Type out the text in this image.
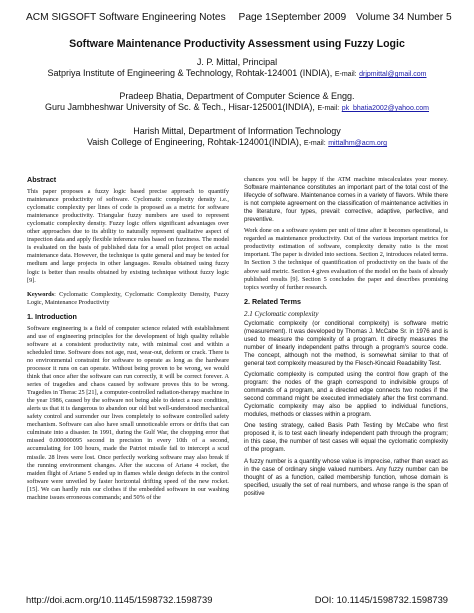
ACM SIGSOFT Software Engineering Notes Page 1 September 2009 Volume 34 Number 5
Software Maintenance Productivity Assessment using Fuzzy Logic
J. P. Mittal, Principal
Satpriya Institute of Engineering & Technology, Rohtak-124001 (INDIA), E-mail: drjpmittal@gmail.com
Pradeep Bhatia, Department of Computer Science & Engg.
Guru Jambheshwar University of Sc. & Tech., Hisar-125001(INDIA), E-mail: pk_bhatia2002@yahoo.com
Harish Mittal, Department of Information Technology
Vaish College of Engineering, Rohtak-124001(INDIA), E-mail: mittalhm@acm.org
Abstract

This paper proposes a fuzzy logic based precise approach to quantify maintenance productivity of software. Cyclomatic complexity density i.e., cyclomatic complexity per lines of code is proposed as a metric for software maintenance productivity. Triangular fuzzy numbers are used to represent cyclomatic complexity density. Fuzzy logic offers significant advantages over other approaches due to its ability to naturally represent qualitative aspect of inspection data and apply flexible inference rules based on fuzziness. The model is evaluated on the basis of published data for a small pilot project on actual maintenance data. However, the technique is quite general and may be tested for medium and large projects in other languages. Results obtained using fuzzy logic is better than results obtained by existing technique without fuzzy logic [9].

Keywords: Cyclomatic Complexity, Cyclomatic Complexity Density, Fuzzy Logic, Maintenance Productivity

1. Introduction

Software engineering is a field of computer science related with establishment and use of engineering principles for the development of high quality reliable software at a consistent productivity rate, with minimal cost and within a scheduled time. Software does not age, rust, wear-out, deform or crack. There is no environmental constraint for software to operate as long as the hardware processor it runs on can operate. Without being proven to be wrong, we would think that once after the software can run correctly, it will be correct forever. A series of tragedies and chaos caused by software proves this to be wrong. Tragedies in Therac 25 [21], a computer-controlled radiation-therapy machine in the year 1986, caused by the software not being able to detect a race condition, alerts us that it is dangerous to abandon our old but well-understood mechanical safety control and surrender our lives completely to software controlled safety mechanism. Software can also have small unnoticeable errors or drifts that can culminate into a disaster. In 1991, during the Gulf War, the chopping error that missed 0.000000095 second in precision in every 10th of a second, accumulating for 100 hours, made the Patriot missile fail to intercept a scud missile. 28 lives were lost. Once perfectly working software may also break if the running environment changes. After the success of Ariane 4 rocket, the maiden flight of Ariane 5 ended up in flames while design defects in the control software were unveiled by faster horizontal drifting speed of the new rocket. [15]. We can hardly ruin our clothes if the embedded software in our washing machine issues erroneous commands; and 50% of the

chances you will be happy if the ATM machine miscalculates your money. Software maintenance constitutes an important part of the total cost of the lifecycle of software. Maintenance comes in a variety of flavors. While there is not complete agreement on the classification of maintenance activities in the literature, four types, prevail: corrective, adaptive, perfective, and preventive.

Work done on a software system per unit of time after it becomes operational, is regarded as maintenance productivity. Out of the various important metrics for productivity estimation of software, complexity density ratio is the most important. The paper is divided into sections. Section 2, introduces related terms. In Section 3 the technique of quantification of productivity on the basis of the above said metric. Section 4 gives evaluation of the model on the basis of already published results [9]. Section 5 concludes the paper and describes promising topics worthy of further research.

2. Related Terms
2.1 Cyclomatic complexity

Cyclomatic complexity (or conditional complexity) is software metric (measurement). It was developed by Thomas J. McCabe Sr. in 1976 and is used to measure the complexity of a program. It directly measures the number of linearly independent paths through a program's source code. The concept, although not the method, is somewhat similar to that of general text complexity measured by the Flesch-Kincaid Readability Test.

Cyclomatic complexity is computed using the control flow graph of the program: the nodes of the graph correspond to indivisible groups of commands of a program, and a directed edge connects two nodes if the second command might be executed immediately after the first command. Cyclomatic complexity may also be applied to individual functions, modules, methods or classes within a program.

One testing strategy, called Basis Path Testing by McCabe who first proposed it, is to test each linearly independent path through the program; in this case, the number of test cases will equal the cyclomatic complexity of the program.

A fuzzy number is a quantity whose value is imprecise, rather than exact as in the case of ordinary single valued numbers. Any fuzzy number can be thought of as a function, called membership function, whose domain is specified, usually the set of real numbers, and whose range is the span of positive

http://doi.acm.org/10.1145/1598732.1598739	DOI: 10.1145/1598732.1598739
